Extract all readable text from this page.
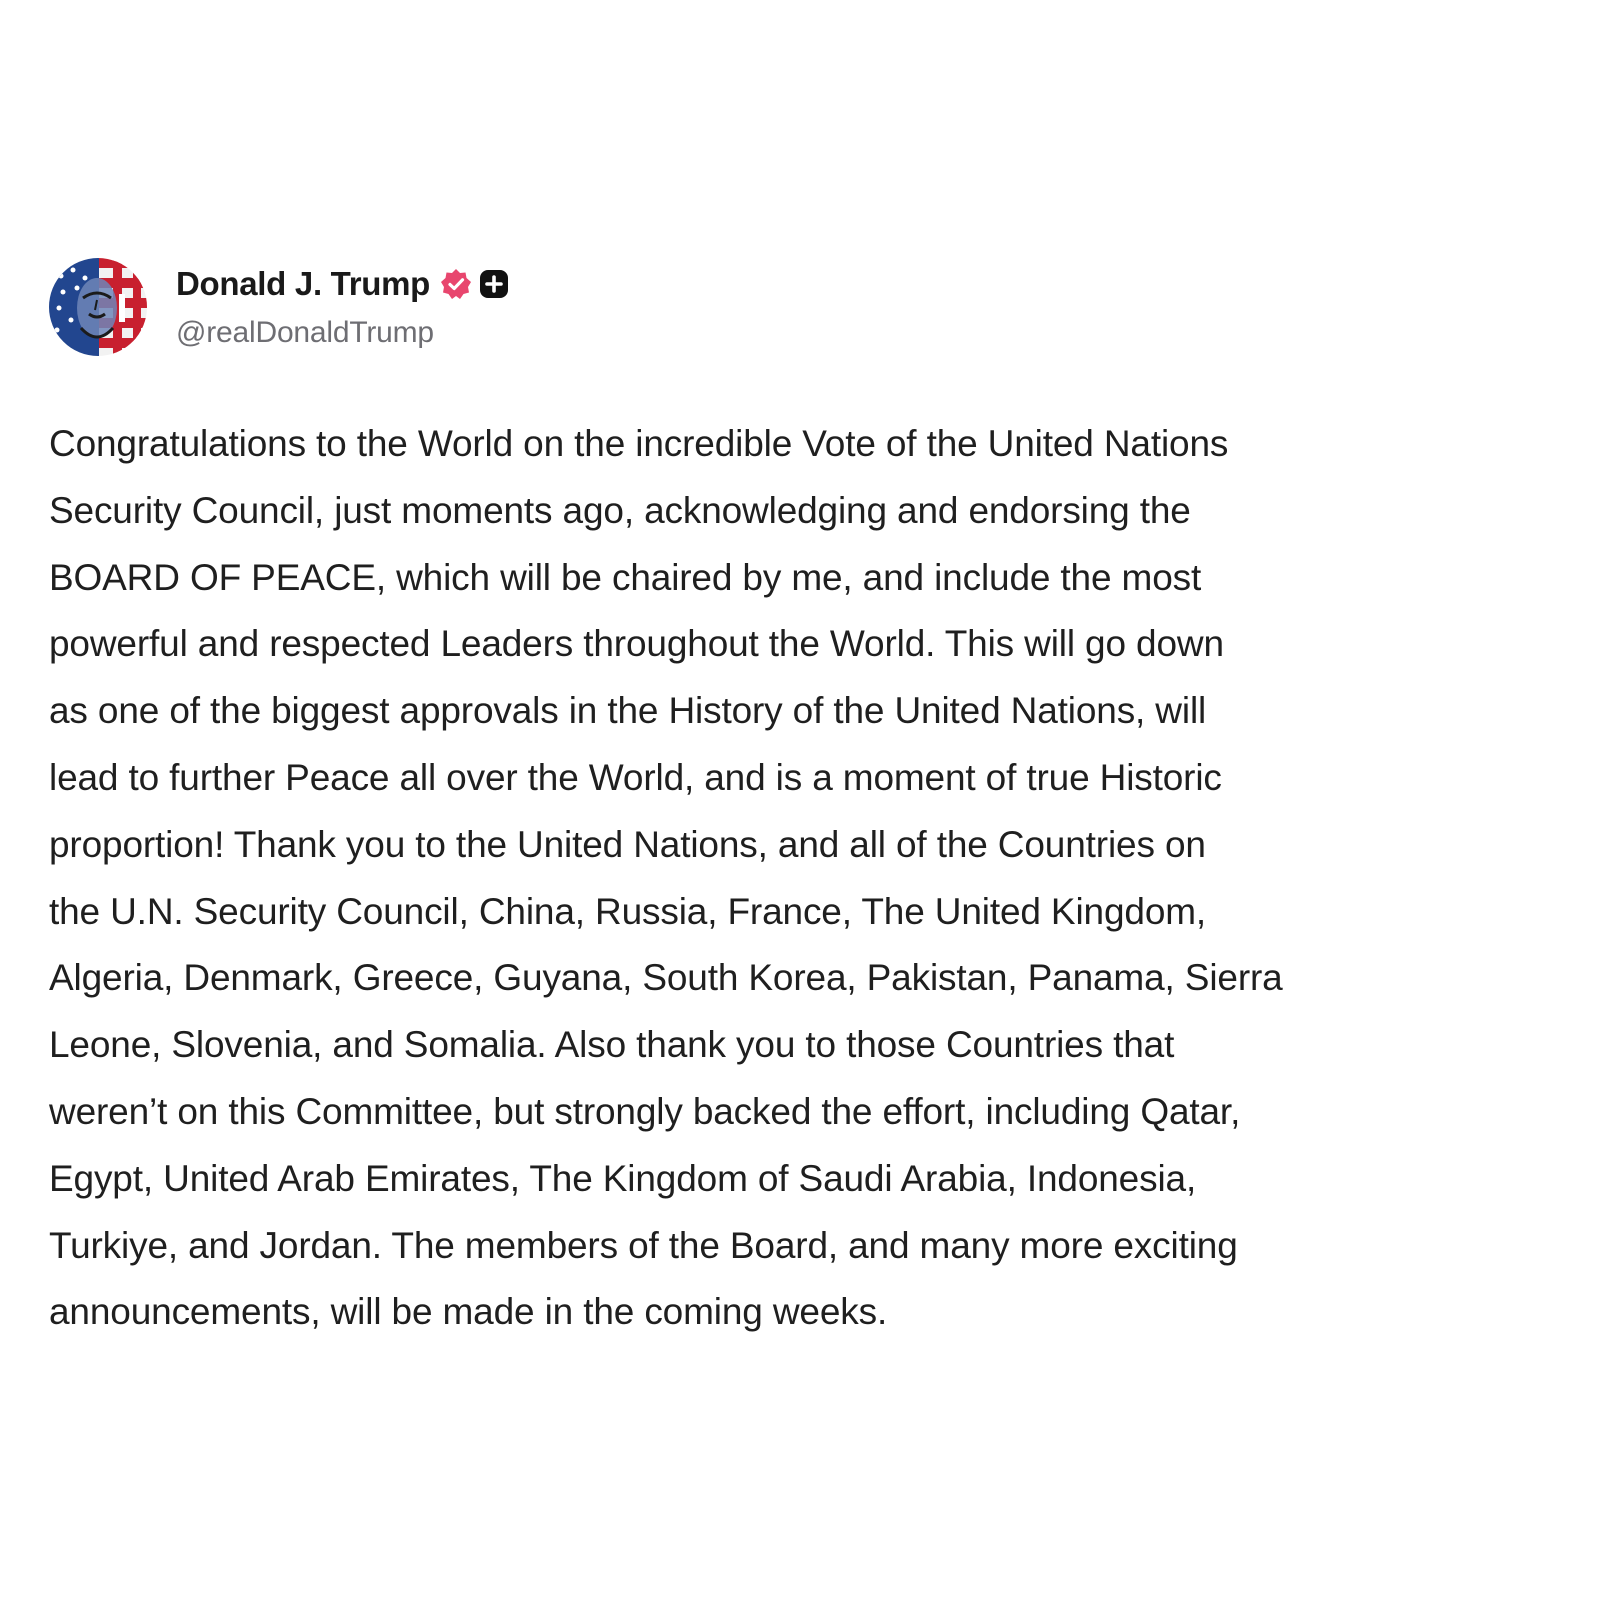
Donald J. Trump
@realDonaldTrump
Congratulations to the World on the incredible Vote of the United Nations
Security Council, just moments ago, acknowledging and endorsing the
BOARD OF PEACE, which will be chaired by me, and include the most
powerful and respected Leaders throughout the World. This will go down
as one of the biggest approvals in the History of the United Nations, will
lead to further Peace all over the World, and is a moment of true Historic
proportion! Thank you to the United Nations, and all of the Countries on
the U.N. Security Council, China, Russia, France, The United Kingdom,
Algeria, Denmark, Greece, Guyana, South Korea, Pakistan, Panama, Sierra
Leone, Slovenia, and Somalia. Also thank you to those Countries that
weren’t on this Committee, but strongly backed the effort, including Qatar,
Egypt, United Arab Emirates, The Kingdom of Saudi Arabia, Indonesia,
Turkiye, and Jordan. The members of the Board, and many more exciting
announcements, will be made in the coming weeks.
